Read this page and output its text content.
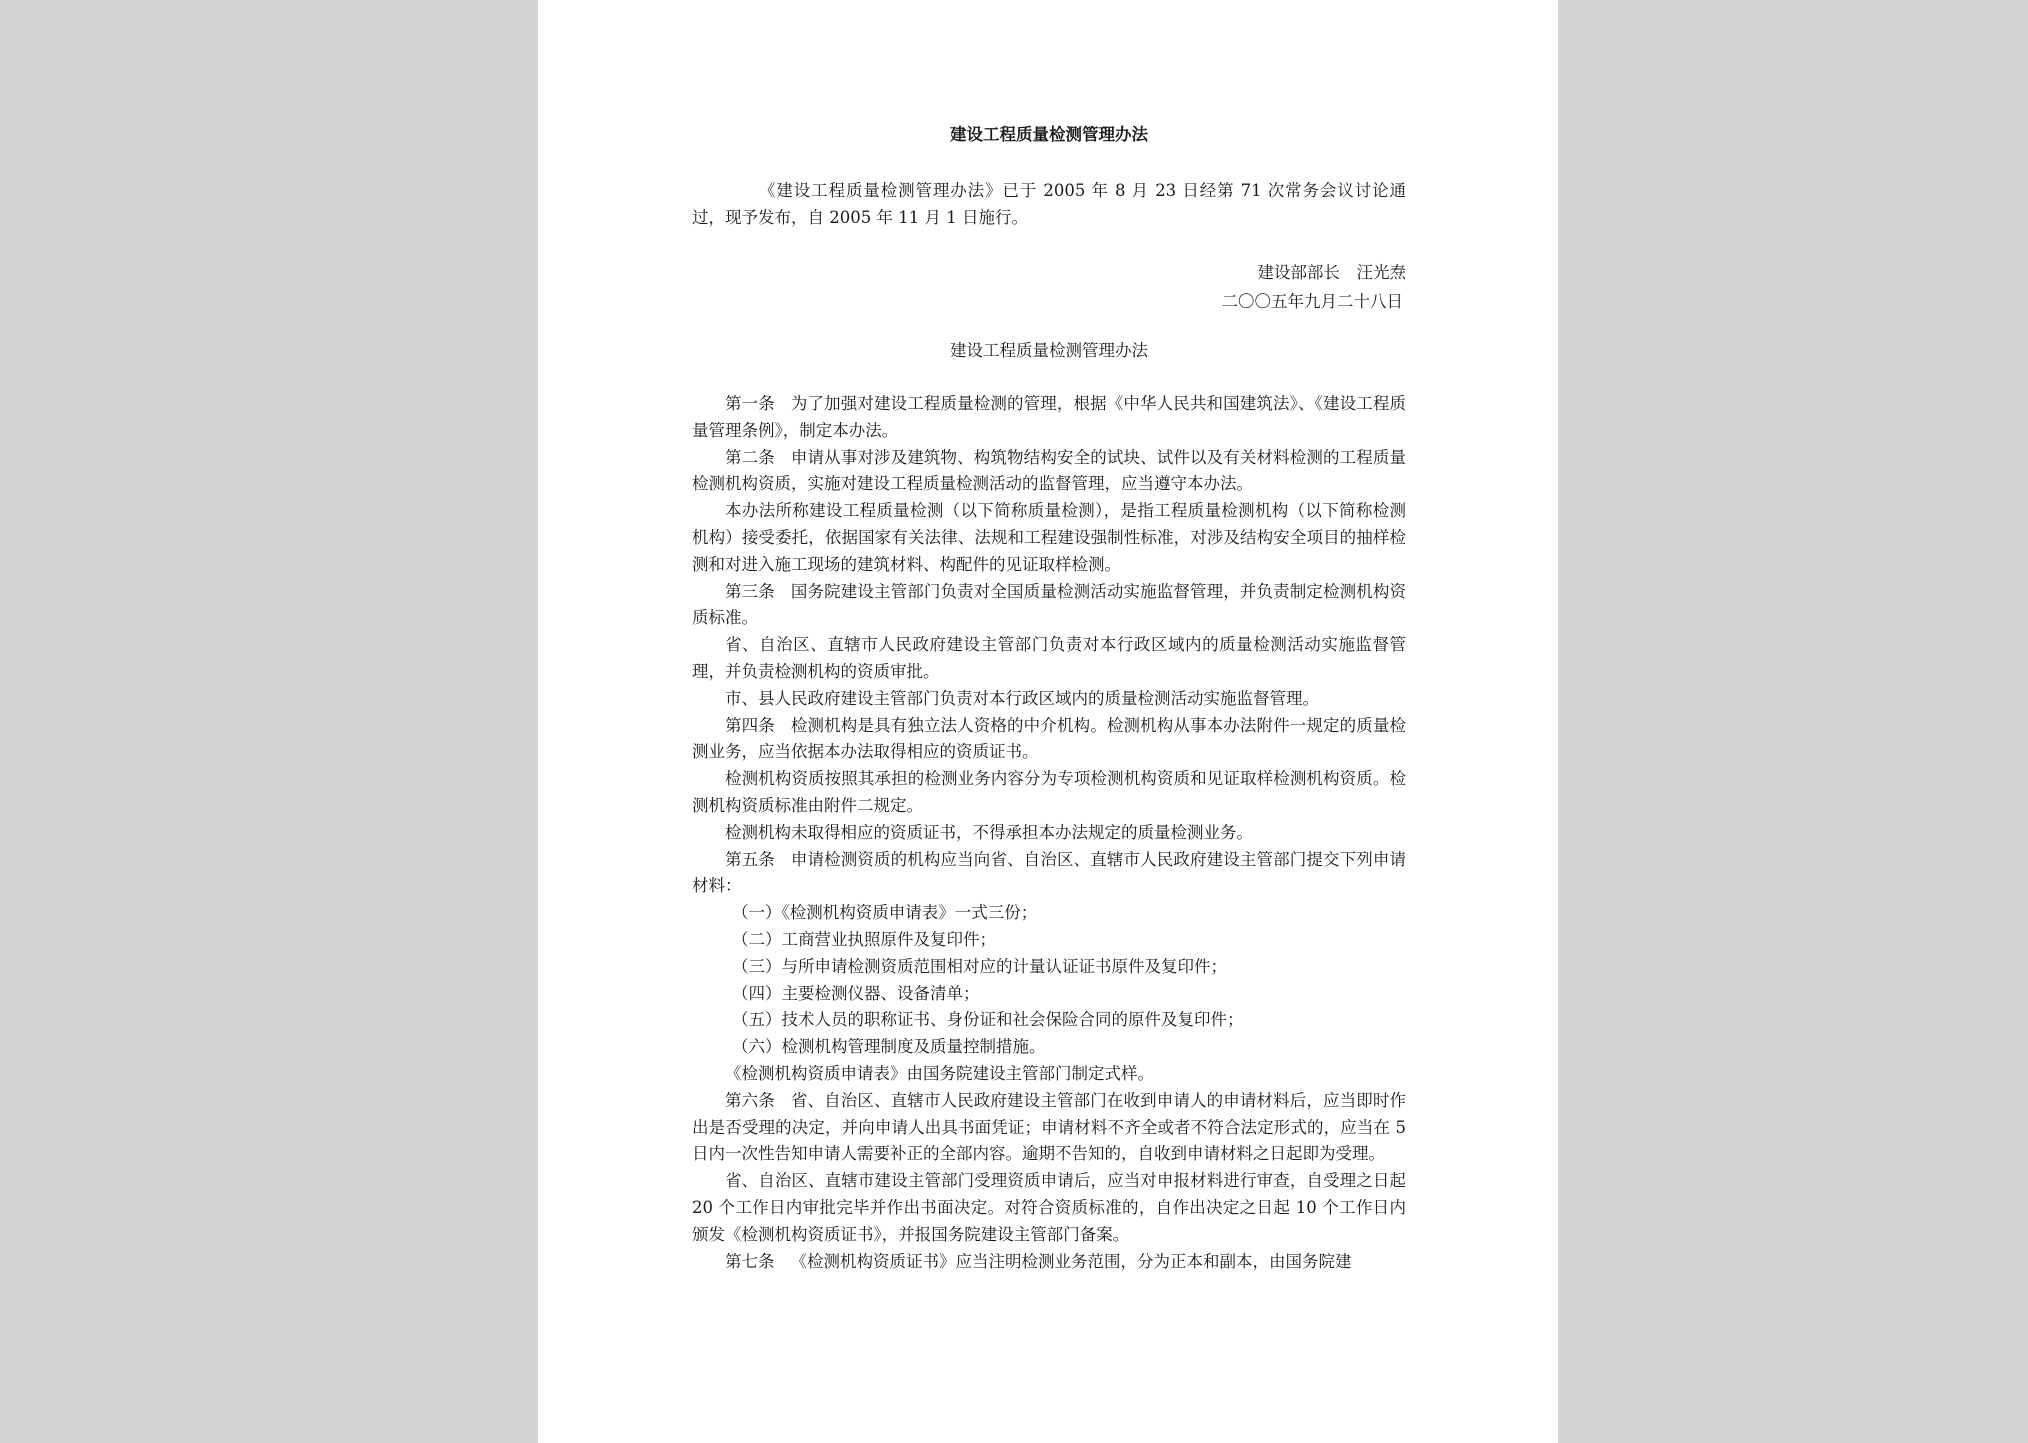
建设工程质量检测管理办法
《建设工程质量检测管理办法》已于 2005 年 8 月 23 日经第 71 次常务会议讨论通过，现予发布，自 2005 年 11 月 1 日施行。
建设部部长　汪光焘
二〇〇五年九月二十八日
建设工程质量检测管理办法

第一条 为了加强对建设工程质量检测的管理，根据《中华人民共和国建筑法》、《建设工程质量管理条例》，制定本办法。

第二条 申请从事对涉及建筑物、构筑物结构安全的试块、试件以及有关材料检测的工程质量检测机构资质，实施对建设工程质量检测活动的监督管理，应当遵守本办法。

本办法所称建设工程质量检测（以下简称质量检测），是指工程质量检测机构（以下简称检测机构）接受委托，依据国家有关法律、法规和工程建设强制性标准，对涉及结构安全项目的抽样检测和对进入施工现场的建筑材料、构配件的见证取样检测。

第三条 国务院建设主管部门负责对全国质量检测活动实施监督管理，并负责制定检测机构资质标准。

省、自治区、直辖市人民政府建设主管部门负责对本行政区域内的质量检测活动实施监督管理，并负责检测机构的资质审批。

市、县人民政府建设主管部门负责对本行政区域内的质量检测活动实施监督管理。

第四条 检测机构是具有独立法人资格的中介机构。检测机构从事本办法附件一规定的质量检测业务，应当依据本办法取得相应的资质证书。

检测机构资质按照其承担的检测业务内容分为专项检测机构资质和见证取样检测机构资质。检测机构资质标准由附件二规定。

检测机构未取得相应的资质证书，不得承担本办法规定的质量检测业务。

第五条 申请检测资质的机构应当向省、自治区、直辖市人民政府建设主管部门提交下列申请材料：

（一）《检测机构资质申请表》一式三份；

（二）工商营业执照原件及复印件；

（三）与所申请检测资质范围相对应的计量认证证书原件及复印件；

（四）主要检测仪器、设备清单；

（五）技术人员的职称证书、身份证和社会保险合同的原件及复印件；

（六）检测机构管理制度及质量控制措施。

《检测机构资质申请表》由国务院建设主管部门制定式样。

第六条 省、自治区、直辖市人民政府建设主管部门在收到申请人的申请材料后，应当即时作出是否受理的决定，并向申请人出具书面凭证；申请材料不齐全或者不符合法定形式的，应当在 5 日内一次性告知申请人需要补正的全部内容。逾期不告知的，自收到申请材料之日起即为受理。

省、自治区、直辖市建设主管部门受理资质申请后，应当对申报材料进行审查，自受理之日起 20 个工作日内审批完毕并作出书面决定。对符合资质标准的，自作出决定之日起 10 个工作日内颁发《检测机构资质证书》，并报国务院建设主管部门备案。

第七条 《检测机构资质证书》应当注明检测业务范围，分为正本和副本，由国务院建
